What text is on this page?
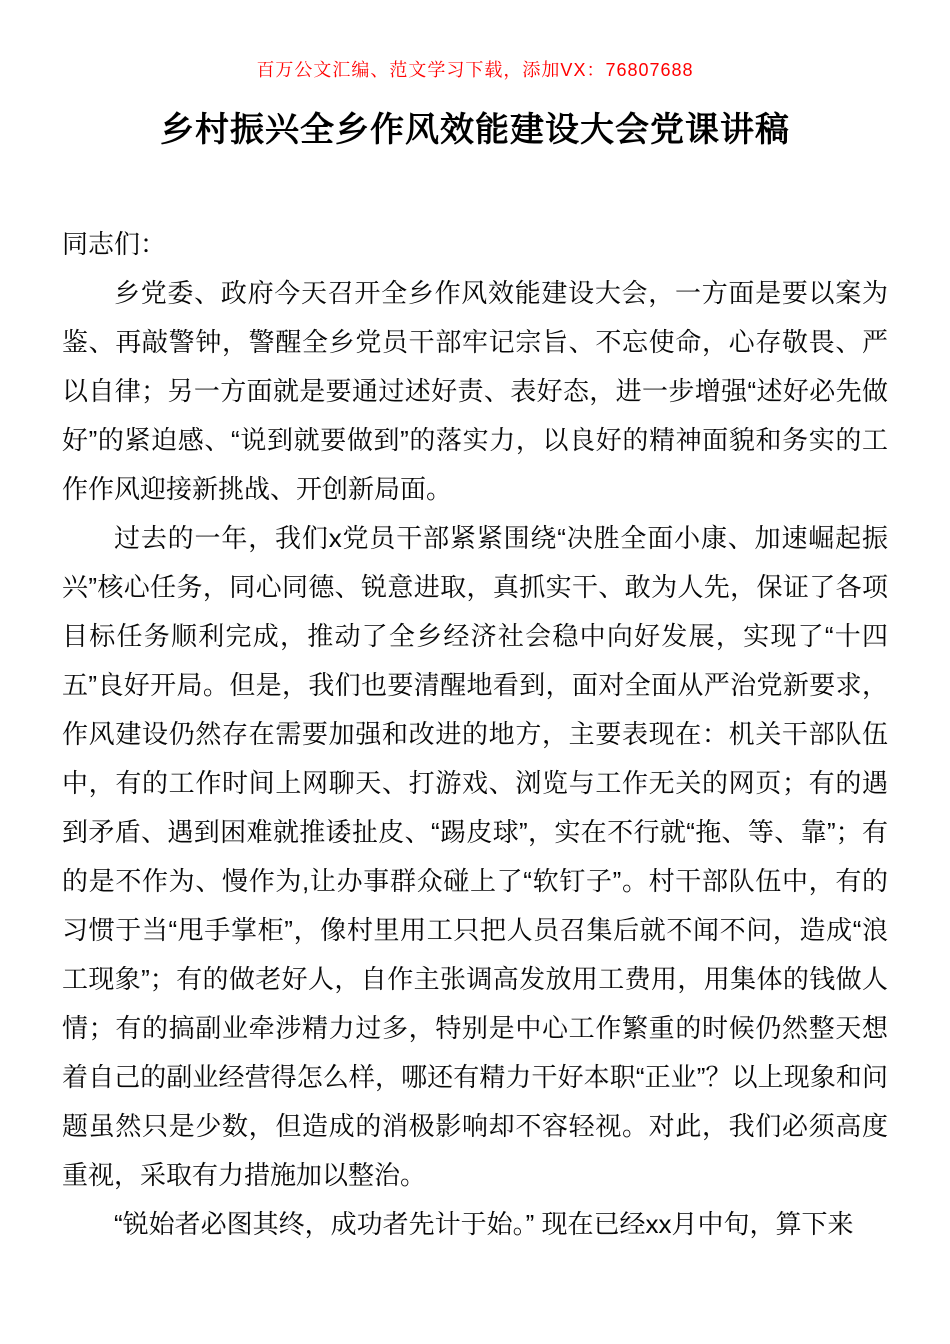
百万公文汇编、范文学习下载，添加VX：76807688
乡村振兴全乡作风效能建设大会党课讲稿

同志们：

乡党委、政府今天召开全乡作风效能建设大会，一方面是要以案为鉴、再敲警钟，警醒全乡党员干部牢记宗旨、不忘使命，心存敬畏、严以自律；另一方面就是要通过述好责、表好态，进一步增强“述好必先做好”的紧迫感、“说到就要做到”的落实力，以良好的精神面貌和务实的工作作风迎接新挑战、开创新局面。

过去的一年，我们x党员干部紧紧围绕“决胜全面小康、加速崛起振兴”核心任务，同心同德、锐意进取，真抓实干、敢为人先，保证了各项目标任务顺利完成，推动了全乡经济社会稳中向好发展，实现了“十四五”良好开局。但是，我们也要清醒地看到，面对全面从严治党新要求，作风建设仍然存在需要加强和改进的地方，主要表现在：机关干部队伍中，有的工作时间上网聊天、打游戏、浏览与工作无关的网页；有的遇到矛盾、遇到困难就推诿扯皮、“踢皮球”，实在不行就“拖、等、靠”；有的是不作为、慢作为,让办事群众碰上了“软钉子”。村干部队伍中，有的习惯于当“甩手掌柜”，像村里用工只把人员召集后就不闻不问，造成“浪工现象”；有的做老好人，自作主张调高发放用工费用，用集体的钱做人情；有的搞副业牵涉精力过多，特别是中心工作繁重的时候仍然整天想着自己的副业经营得怎么样，哪还有精力干好本职“正业”？以上现象和问题虽然只是少数，但造成的消极影响却不容轻视。对此，我们必须高度重视，采取有力措施加以整治。

“锐始者必图其终，成功者先计于始。” 现在已经xx月中旬，算下来
